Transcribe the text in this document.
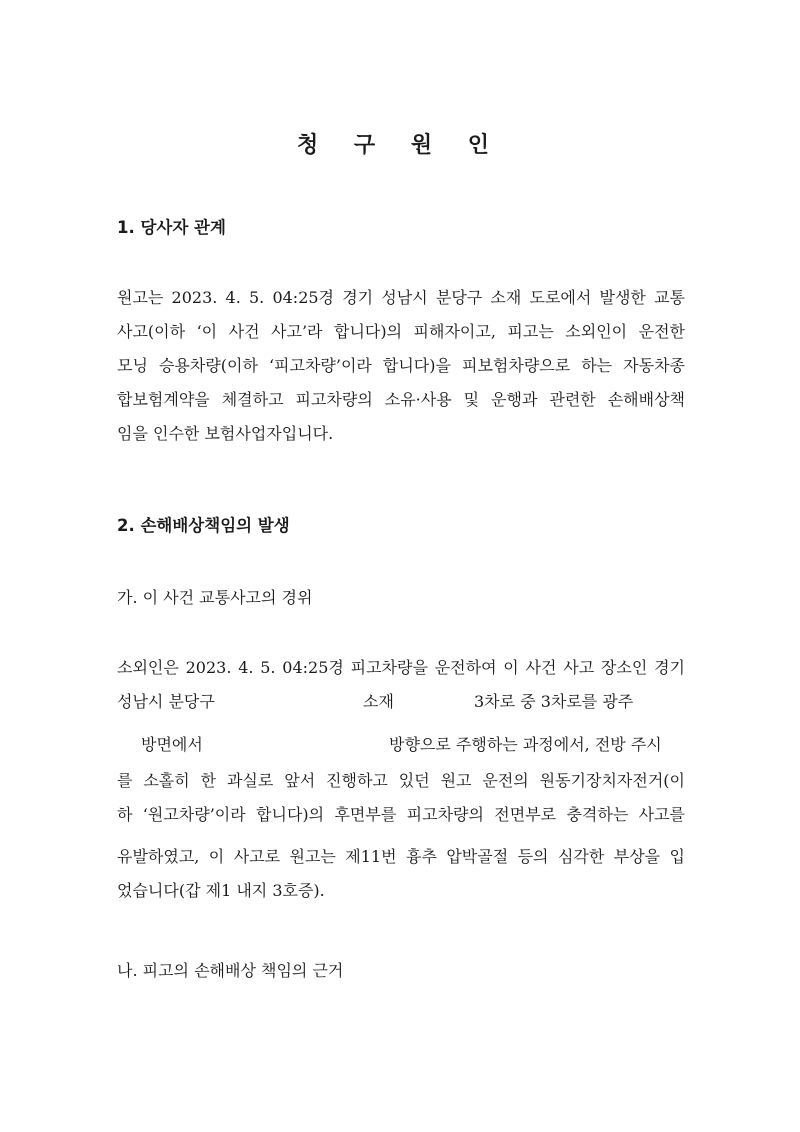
청 구 원 인
1. 당사자 관계

원고는 2023. 4. 5. 04:25경 경기 성남시 분당구 소재 도로에서 발생한 교통

사고(이하 ‘이 사건 사고’라 합니다)의 피해자이고, 피고는 소외인이 운전한

모닝 승용차량(이하 ‘피고차량’이라 합니다)을 피보험차량으로 하는 자동차종

합보험계약을 체결하고 피고차량의 소유·사용 및 운행과 관련한 손해배상책

임을 인수한 보험사업자입니다.

2. 손해배상책임의 발생

가. 이 사건 교통사고의 경위

소외인은 2023. 4. 5. 04:25경 피고차량을 운전하여 이 사건 사고 장소인 경기

성남시 분당구	소재	3차로 중 3차로를 광주
방면에서	방향으로 주행하는 과정에서, 전방 주시

를 소홀히 한 과실로 앞서 진행하고 있던 원고 운전의 원동기장치자전거(이

하 ‘원고차량’이라 합니다)의 후면부를 피고차량의 전면부로 충격하는 사고를

유발하였고, 이 사고로 원고는 제11번 흉추 압박골절 등의 심각한 부상을 입

었습니다(갑 제1 내지 3호증).

나. 피고의 손해배상 책임의 근거
